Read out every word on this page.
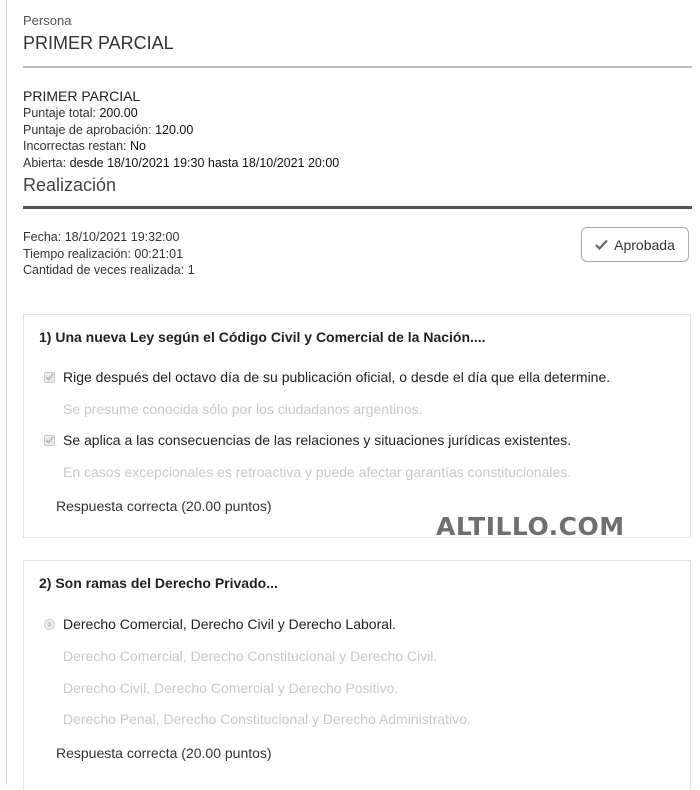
Persona
PRIMER PARCIAL
PRIMER PARCIAL
Puntaje total: 200.00
Puntaje de aprobación: 120.00
Incorrectas restan: No
Abierta: desde 18/10/2021 19:30 hasta 18/10/2021 20:00
Realización
Fecha: 18/10/2021 19:32:00
Tiempo realización: 00:21:01
Cantidad de veces realizada: 1
Aprobada
1) Una nueva Ley según el Código Civil y Comercial de la Nación....
Rige después del octavo día de su publicación oficial, o desde el día que ella determine.
Se presume conocida sólo por los ciudadanos argentinos.
Se aplica a las consecuencias de las relaciones y situaciones jurídicas existentes.
En casos excepcionales es retroactiva y puede afectar garantías constitucionales.
Respuesta correcta (20.00 puntos)
2) Son ramas del Derecho Privado...
Derecho Comercial, Derecho Civil y Derecho Laboral.
Derecho Comercial, Derecho Constitucional y Derecho Civil.
Derecho Civil, Derecho Comercial y Derecho Positivo.
Derecho Penal, Derecho Constitucional y Derecho Administrativo.
Respuesta correcta (20.00 puntos)
ALTILLO.COM
